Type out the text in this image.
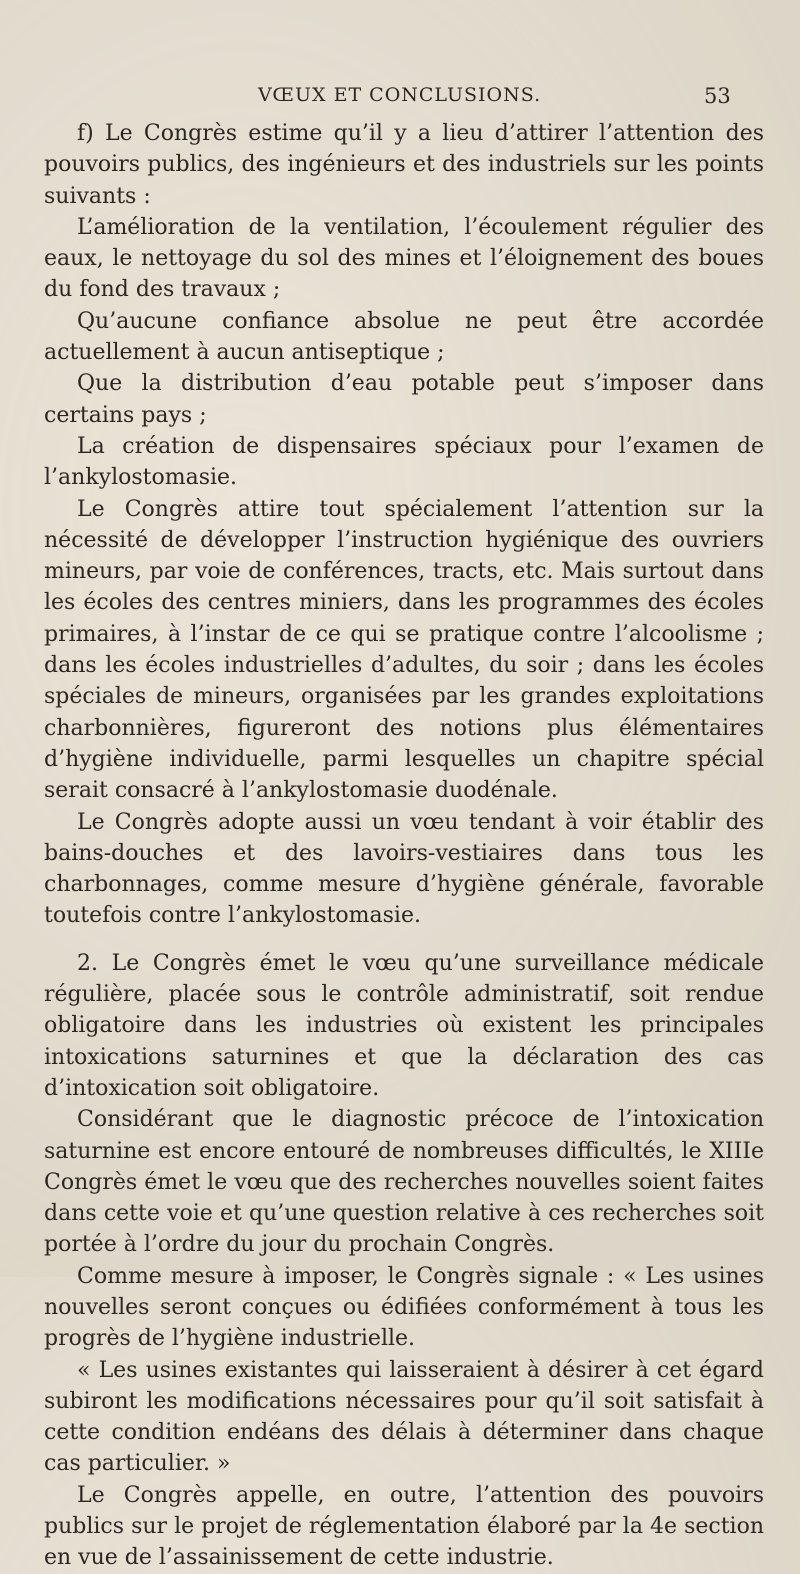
VŒUX ET CONCLUSIONS.	53

f) Le Congrès estime qu’il y a lieu d’attirer l’attention des pouvoirs publics, des ingénieurs et des industriels sur les points suivants :

L’amélioration de la ventilation, l’écoulement régulier des eaux, le nettoyage du sol des mines et l’éloignement des boues du fond des travaux ;

Qu’aucune confiance absolue ne peut être accordée actuellement à aucun antiseptique ;

Que la distribution d’eau potable peut s’imposer dans certains pays ;

La création de dispensaires spéciaux pour l’examen de l’ankylostomasie.

Le Congrès attire tout spécialement l’attention sur la nécessité de développer l’instruction hygiénique des ouvriers mineurs, par voie de conférences, tracts, etc. Mais surtout dans les écoles des centres miniers, dans les programmes des écoles primaires, à l’instar de ce qui se pratique contre l’alcoolisme ; dans les écoles industrielles d’adultes, du soir ; dans les écoles spéciales de mineurs, organisées par les grandes exploitations charbonnières, figureront des notions plus élémentaires d’hygiène individuelle, parmi lesquelles un chapitre spécial serait consacré à l’ankylostomasie duodénale.

Le Congrès adopte aussi un vœu tendant à voir établir des bains-douches et des lavoirs-vestiaires dans tous les charbonnages, comme mesure d’hygiène générale, favorable toutefois contre l’ankylostomasie.

2. Le Congrès émet le vœu qu’une surveillance médicale régulière, placée sous le contrôle administratif, soit rendue obligatoire dans les industries où existent les principales intoxications saturnines et que la déclaration des cas d’intoxication soit obligatoire.

Considérant que le diagnostic précoce de l’intoxication saturnine est encore entouré de nombreuses difficultés, le XIIIe Congrès émet le vœu que des recherches nouvelles soient faites dans cette voie et qu’une question relative à ces recherches soit portée à l’ordre du jour du prochain Congrès.

Comme mesure à imposer, le Congrès signale : « Les usines nouvelles seront conçues ou édifiées conformément à tous les progrès de l’hygiène industrielle.

« Les usines existantes qui laisseraient à désirer à cet égard subiront les modifications nécessaires pour qu’il soit satisfait à cette condition endéans des délais à déterminer dans chaque cas particulier. »

Le Congrès appelle, en outre, l’attention des pouvoirs publics sur le projet de réglementation élaboré par la 4e section en vue de l’assainissement de cette industrie.
